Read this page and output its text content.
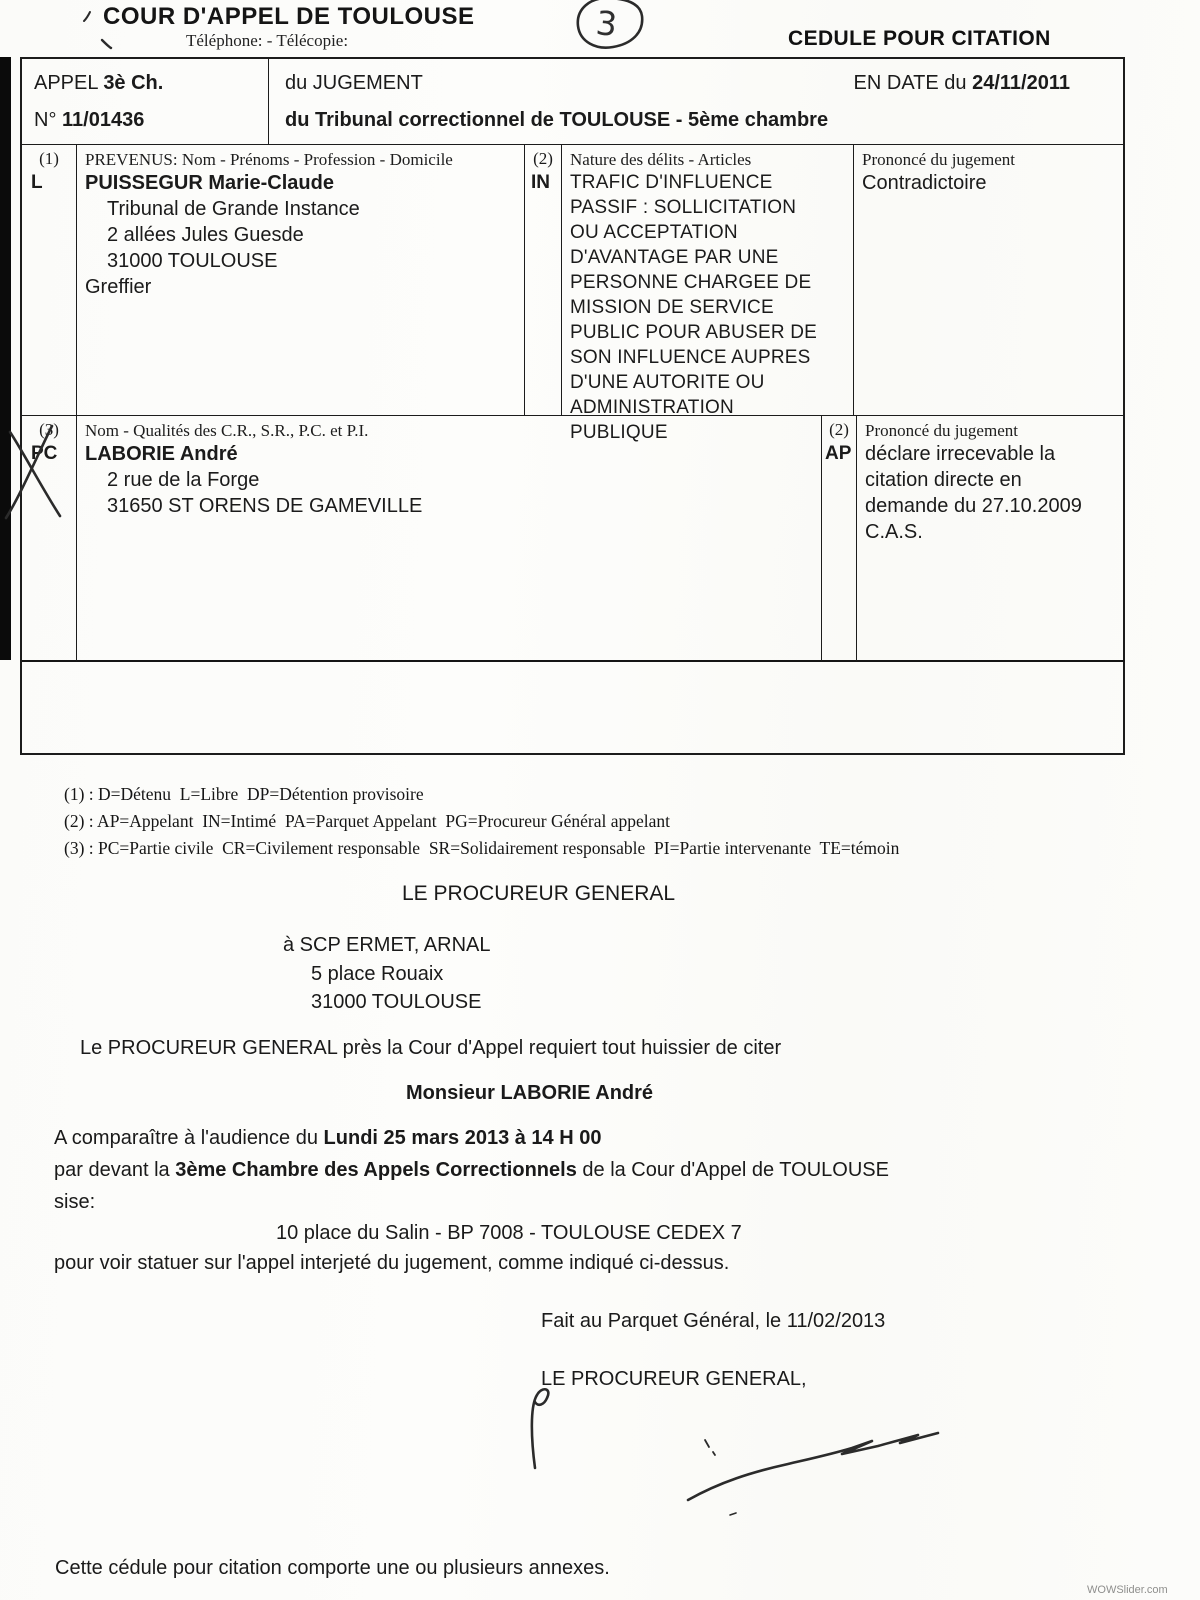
COUR D'APPEL DE TOULOUSE
Téléphone: - Télécopie:	CEDULE POUR CITATION
3
APPEL 3è Ch.
N° 11/01436
du JUGEMENT	EN DATE du 24/11/2011
du Tribunal correctionnel de TOULOUSE - 5ème chambre
(1)
L
PREVENUS: Nom - Prénoms - Profession - Domicile
PUISSEGUR Marie-Claude
Tribunal de Grande Instance
2 allées Jules Guesde
31000 TOULOUSE
Greffier
(2)
IN
Nature des délits - Articles
TRAFIC D'INFLUENCE
PASSIF : SOLLICITATION
OU ACCEPTATION
D'AVANTAGE PAR UNE
PERSONNE CHARGEE DE
MISSION DE SERVICE
PUBLIC POUR ABUSER DE
SON INFLUENCE AUPRES
D'UNE AUTORITE OU
ADMINISTRATION
PUBLIQUE
Prononcé du jugement
Contradictoire
(3)
PC
Nom - Qualités des C.R., S.R., P.C. et P.I.
LABORIE André
2 rue de la Forge
31650 ST ORENS DE GAMEVILLE
(2)
AP
Prononcé du jugement
déclare irrecevable la
citation directe en
demande du 27.10.2009
C.A.S.
(1) : D=Détenu  L=Libre  DP=Détention provisoire
(2) : AP=Appelant  IN=Intimé  PA=Parquet Appelant  PG=Procureur Général appelant
(3) : PC=Partie civile  CR=Civilement responsable  SR=Solidairement responsable  PI=Partie intervenante  TE=témoin
LE PROCUREUR GENERAL
à SCP ERMET, ARNAL
5 place Rouaix
31000 TOULOUSE
Le PROCUREUR GENERAL près la Cour d'Appel requiert tout huissier de citer
Monsieur LABORIE André
A comparaître à l'audience du Lundi 25 mars 2013 à 14 H 00
par devant la 3ème Chambre des Appels Correctionnels de la Cour d'Appel de TOULOUSE
sise:
10 place du Salin - BP 7008 - TOULOUSE CEDEX 7
pour voir statuer sur l'appel interjeté du jugement, comme indiqué ci-dessus.
Fait au Parquet Général, le 11/02/2013
LE PROCUREUR GENERAL,
Cette cédule pour citation comporte une ou plusieurs annexes.
WOWSlider.com
